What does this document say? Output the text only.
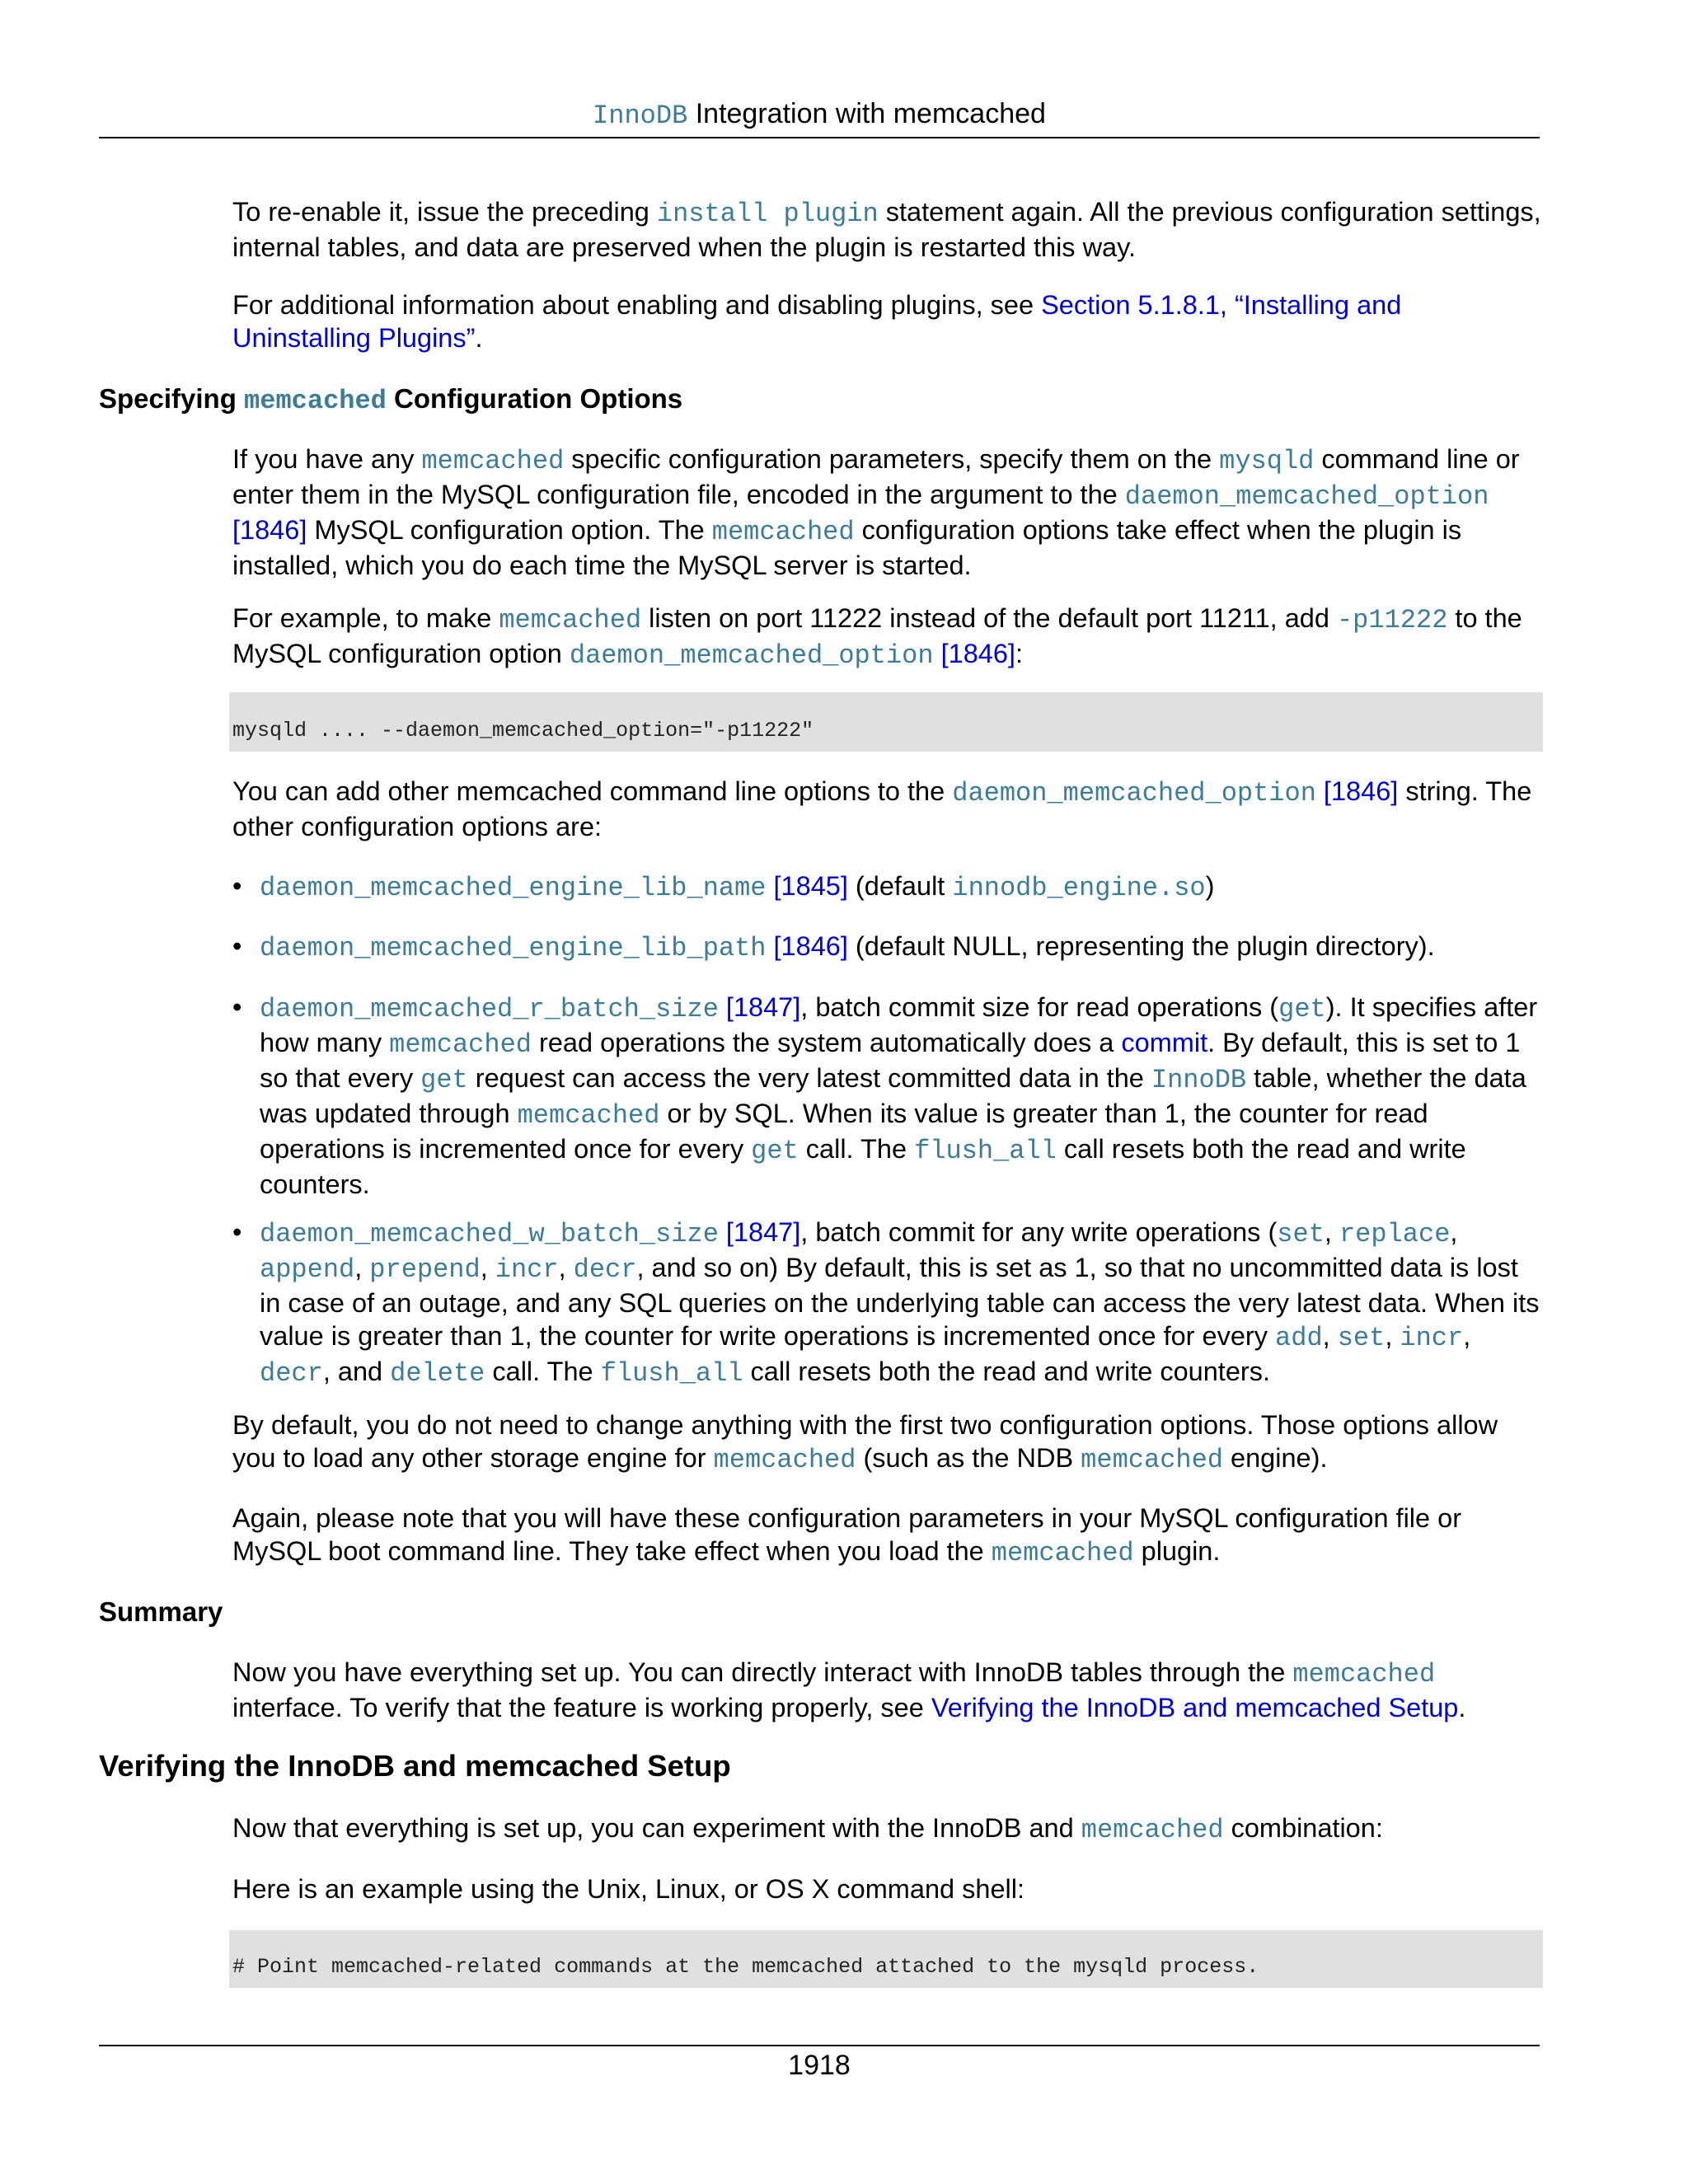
InnoDB Integration with memcached
To re-enable it, issue the preceding install plugin statement again. All the previous configuration settings, internal tables, and data are preserved when the plugin is restarted this way.
For additional information about enabling and disabling plugins, see Section 5.1.8.1, “Installing and Uninstalling Plugins”.
Specifying memcached Configuration Options
If you have any memcached specific configuration parameters, specify them on the mysqld command line or enter them in the MySQL configuration file, encoded in the argument to the daemon_memcached_option [1846] MySQL configuration option. The memcached configuration options take effect when the plugin is installed, which you do each time the MySQL server is started.
For example, to make memcached listen on port 11222 instead of the default port 11211, add -p11222 to the MySQL configuration option daemon_memcached_option [1846]:
mysqld .... --daemon_memcached_option="-p11222"
You can add other memcached command line options to the daemon_memcached_option [1846] string. The other configuration options are:
• daemon_memcached_engine_lib_name [1845] (default innodb_engine.so)
• daemon_memcached_engine_lib_path [1846] (default NULL, representing the plugin directory).
• daemon_memcached_r_batch_size [1847], batch commit size for read operations (get). It specifies after how many memcached read operations the system automatically does a commit. By default, this is set to 1 so that every get request can access the very latest committed data in the InnoDB table, whether the data was updated through memcached or by SQL. When its value is greater than 1, the counter for read operations is incremented once for every get call. The flush_all call resets both the read and write counters.
• daemon_memcached_w_batch_size [1847], batch commit for any write operations (set, replace, append, prepend, incr, decr, and so on) By default, this is set as 1, so that no uncommitted data is lost in case of an outage, and any SQL queries on the underlying table can access the very latest data. When its value is greater than 1, the counter for write operations is incremented once for every add, set, incr, decr, and delete call. The flush_all call resets both the read and write counters.
By default, you do not need to change anything with the first two configuration options. Those options allow you to load any other storage engine for memcached (such as the NDB memcached engine).
Again, please note that you will have these configuration parameters in your MySQL configuration file or MySQL boot command line. They take effect when you load the memcached plugin.
Summary
Now you have everything set up. You can directly interact with InnoDB tables through the memcached interface. To verify that the feature is working properly, see Verifying the InnoDB and memcached Setup.
Verifying the InnoDB and memcached Setup
Now that everything is set up, you can experiment with the InnoDB and memcached combination:
Here is an example using the Unix, Linux, or OS X command shell:
# Point memcached-related commands at the memcached attached to the mysqld process.
1918
